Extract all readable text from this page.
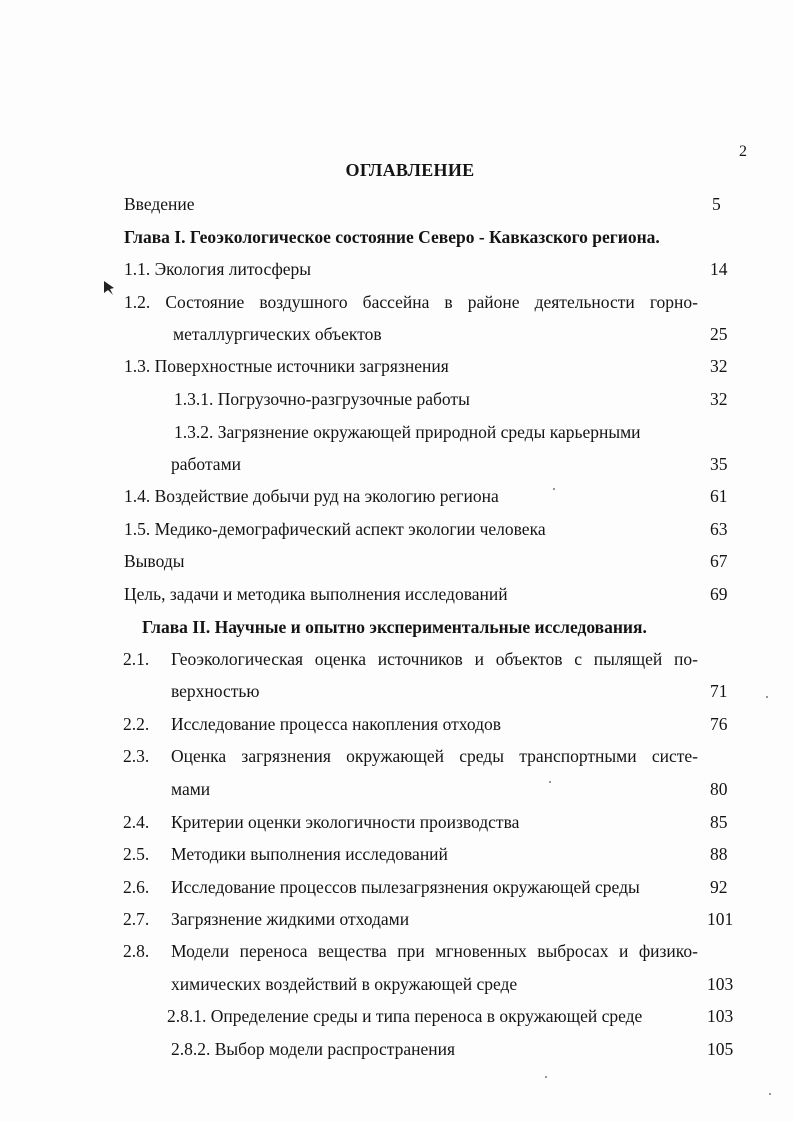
2
ОГЛАВЛЕНИЕ
Введение	5
Глава I. Геоэкологическое состояние Северо - Кавказского региона.
1.1. Экология литосферы	14
1.2. Состояние воздушного бассейна в районе деятельности горно-
металлургических объектов	25
1.3. Поверхностные источники загрязнения	32
1.3.1. Погрузочно-разгрузочные работы	32
1.3.2. Загрязнение окружающей природной среды карьерными
работами	35
1.4. Воздействие добычи руд на экологию региона	61
1.5. Медико-демографический аспект экологии человека	63
Выводы	67
Цель, задачи и методика выполнения исследований	69
Глава II. Научные и опытно экспериментальные исследования.
2.1. Геоэкологическая оценка источников и объектов с пылящей по-
верхностью	71
2.2. Исследование процесса накопления отходов	76
2.3. Оценка загрязнения окружающей среды транспортными систе-
мами	80
2.4. Критерии оценки экологичности производства	85
2.5. Методики выполнения исследований	88
2.6. Исследование процессов пылезагрязнения окружающей среды	92
2.7. Загрязнение жидкими отходами	101
2.8. Модели переноса вещества при мгновенных выбросах и физико-
химических воздействий в окружающей среде	103
2.8.1. Определение среды и типа переноса в окружающей среде	103
2.8.2. Выбор модели распространения	105
